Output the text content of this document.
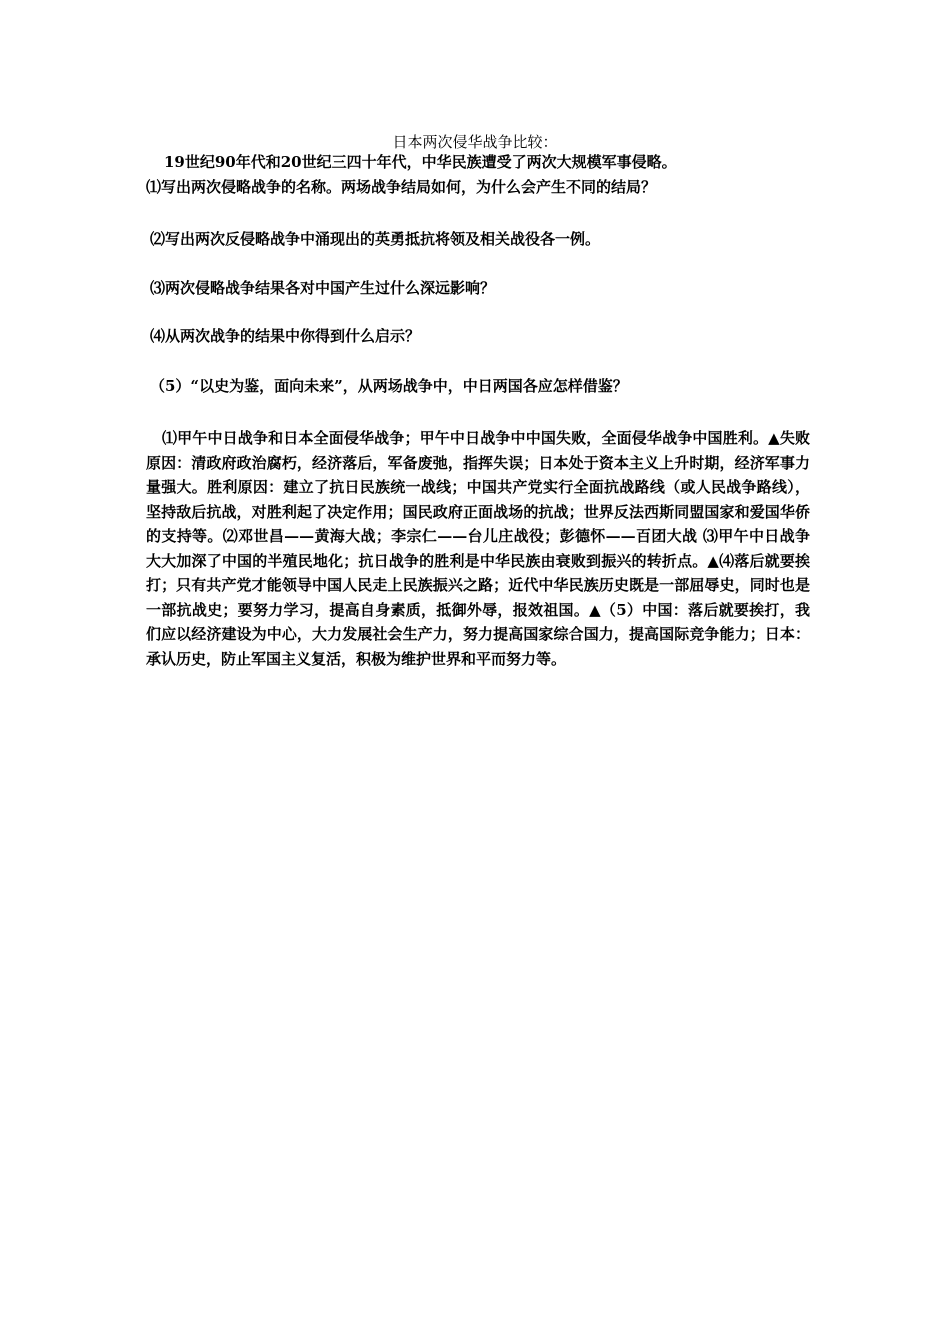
日本两次侵华战争比较：
19世纪90年代和20世纪三四十年代，中华民族遭受了两次大规模军事侵略。
⑴写出两次侵略战争的名称。两场战争结局如何，为什么会产生不同的结局？
⑵写出两次反侵略战争中涌现出的英勇抵抗将领及相关战役各一例。
⑶两次侵略战争结果各对中国产生过什么深远影响？
⑷从两次战争的结果中你得到什么启示？
（5）“以史为鉴，面向未来”，从两场战争中，中日两国各应怎样借鉴？
⑴甲午中日战争和日本全面侵华战争；甲午中日战争中中国失败，全面侵华战争中国胜利。▲失败原因：清政府政治腐朽，经济落后，军备废弛，指挥失误；日本处于资本主义上升时期，经济军事力量强大。胜利原因：建立了抗日民族统一战线；中国共产党实行全面抗战路线（或人民战争路线），坚持敌后抗战，对胜利起了决定作用；国民政府正面战场的抗战；世界反法西斯同盟国家和爱国华侨的支持等。⑵邓世昌——黄海大战；李宗仁——台儿庄战役；彭德怀——百团大战 ⑶甲午中日战争大大加深了中国的半殖民地化；抗日战争的胜利是中华民族由衰败到振兴的转折点。▲⑷落后就要挨打；只有共产党才能领导中国人民走上民族振兴之路；近代中华民族历史既是一部屈辱史，同时也是一部抗战史；要努力学习，提高自身素质，抵御外辱，报效祖国。▲（5）中国：落后就要挨打，我们应以经济建设为中心，大力发展社会生产力，努力提高国家综合国力，提高国际竞争能力；日本：承认历史，防止军国主义复活，积极为维护世界和平而努力等。
